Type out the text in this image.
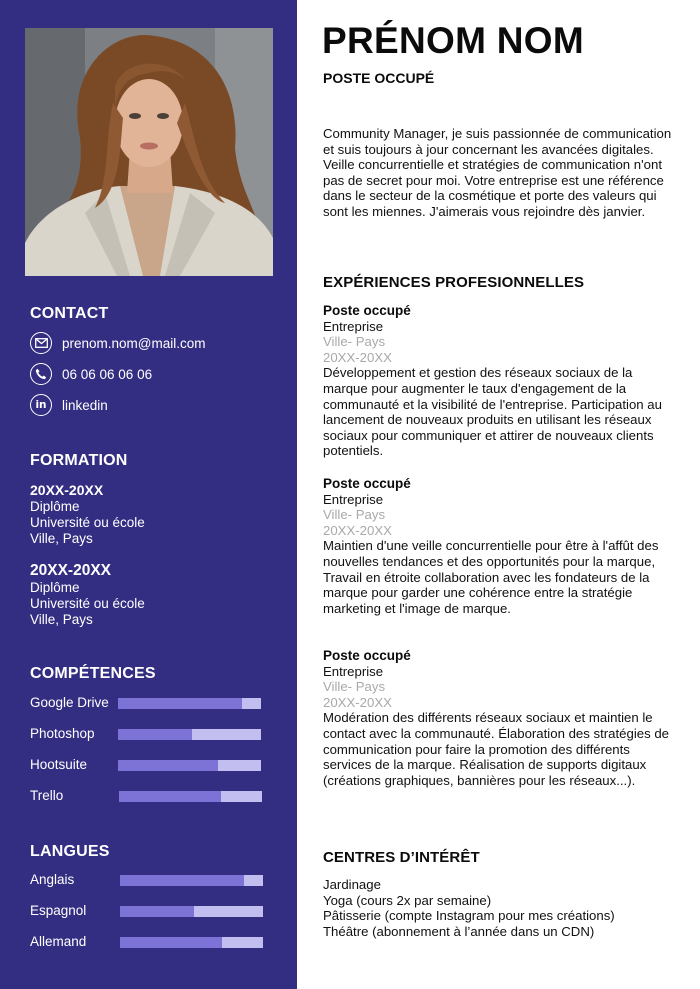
CONTACT
prenom.nom@mail.com
06 06 06 06 06
in linkedin
FORMATION
20XX-20XX
Diplôme
Université ou école
Ville, Pays
20XX-20XX
Diplôme
Université ou école
Ville, Pays
COMPÉTENCES
Google Drive
Photoshop
Hootsuite
Trello
LANGUES
Anglais
Espagnol
Allemand
PRÉNOM NOM
POSTE OCCUPÉ
Community Manager, je suis passionnée de communication et suis toujours à jour concernant les avancées digitales. Veille concurrentielle et stratégies de communication n'ont pas de secret pour moi. Votre entreprise est une référence dans le secteur de la cosmétique et porte des valeurs qui sont les miennes. J'aimerais vous rejoindre dès janvier.
EXPÉRIENCES PROFESIONNELLES
Poste occupé
Entreprise
Ville- Pays
20XX-20XX
Développement et gestion des réseaux sociaux de la marque pour augmenter le taux d'engagement de la communauté et la visibilité de l'entreprise. Participation au lancement de nouveaux produits en utilisant les réseaux sociaux pour communiquer et attirer de nouveaux clients potentiels.
Poste occupé
Entreprise
Ville- Pays
20XX-20XX
Maintien d'une veille concurrentielle pour être à l'affût des nouvelles tendances et des opportunités pour la marque, Travail en étroite collaboration avec les fondateurs de la marque pour garder une cohérence entre la stratégie marketing et l'image de marque.
Poste occupé
Entreprise
Ville- Pays
20XX-20XX
Modération des différents réseaux sociaux et maintien le contact avec la communauté. Élaboration des stratégies de communication pour faire la promotion des différents services de la marque. Réalisation de supports digitaux (créations graphiques, bannières pour les réseaux...).
CENTRES D’INTÉRÊT
Jardinage
Yoga (cours 2x par semaine)
Pâtisserie (compte Instagram pour mes créations)
Théâtre (abonnement à l’année dans un CDN)
